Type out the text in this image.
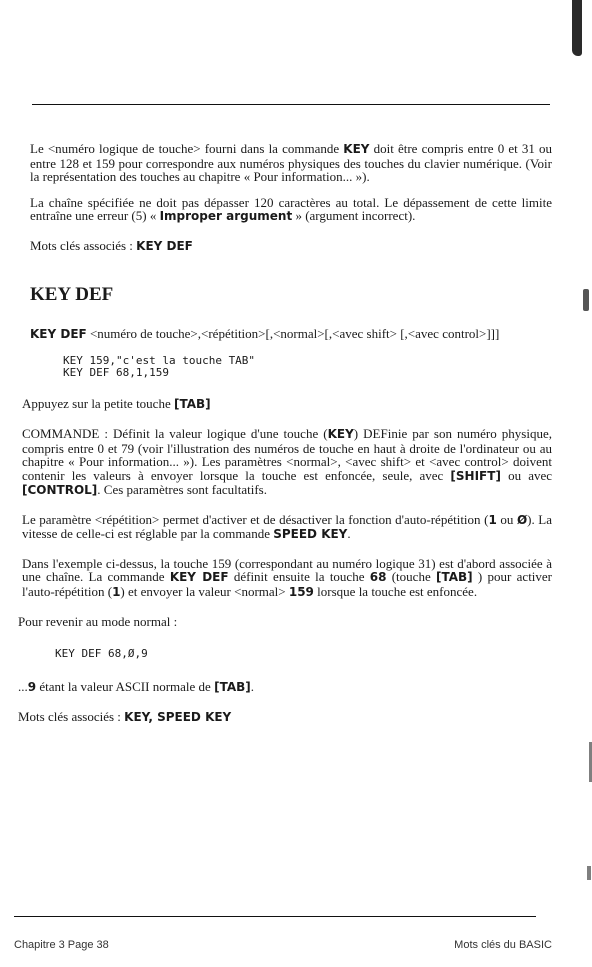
Le <numéro logique de touche> fourni dans la commande KEY doit être compris entre 0 et 31 ou entre 128 et 159 pour correspondre aux numéros physiques des touches du clavier numérique. (Voir la représentation des touches au chapitre « Pour information... »).

La chaîne spécifiée ne doit pas dépasser 120 caractères au total. Le dépassement de cette limite entraîne une erreur (5) « Improper argument » (argument incorrect).

Mots clés associés : KEY DEF

KEY DEF

KEY DEF <numéro de touche>,<répétition>[,<normal>[,<avec shift> [,<avec control>]]]

KEY 159,"c'est la touche TAB"
KEY DEF 68,1,159

Appuyez sur la petite touche [TAB]

COMMANDE : Définit la valeur logique d'une touche (KEY) DEFinie par son numéro physique, compris entre 0 et 79 (voir l'illustration des numéros de touche en haut à droite de l'ordinateur ou au chapitre « Pour information... »). Les paramètres <normal>, <avec shift> et <avec control> doivent contenir les valeurs à envoyer lorsque la touche est enfoncée, seule, avec [SHIFT] ou avec [CONTROL]. Ces paramètres sont facultatifs.

Le paramètre <répétition> permet d'activer et de désactiver la fonction d'auto-répétition (1 ou Ø). La vitesse de celle-ci est réglable par la commande SPEED KEY.

Dans l'exemple ci-dessus, la touche 159 (correspondant au numéro logique 31) est d'abord associée à une chaîne. La commande KEY DEF définit ensuite la touche 68 (touche [TAB] ) pour activer l'auto-répétition (1) et envoyer la valeur <normal> 159 lorsque la touche est enfoncée.

Pour revenir au mode normal :

KEY DEF 68,Ø,9

...9 étant la valeur ASCII normale de [TAB].

Mots clés associés : KEY, SPEED KEY

Chapitre 3 Page 38	Mots clés du BASIC
